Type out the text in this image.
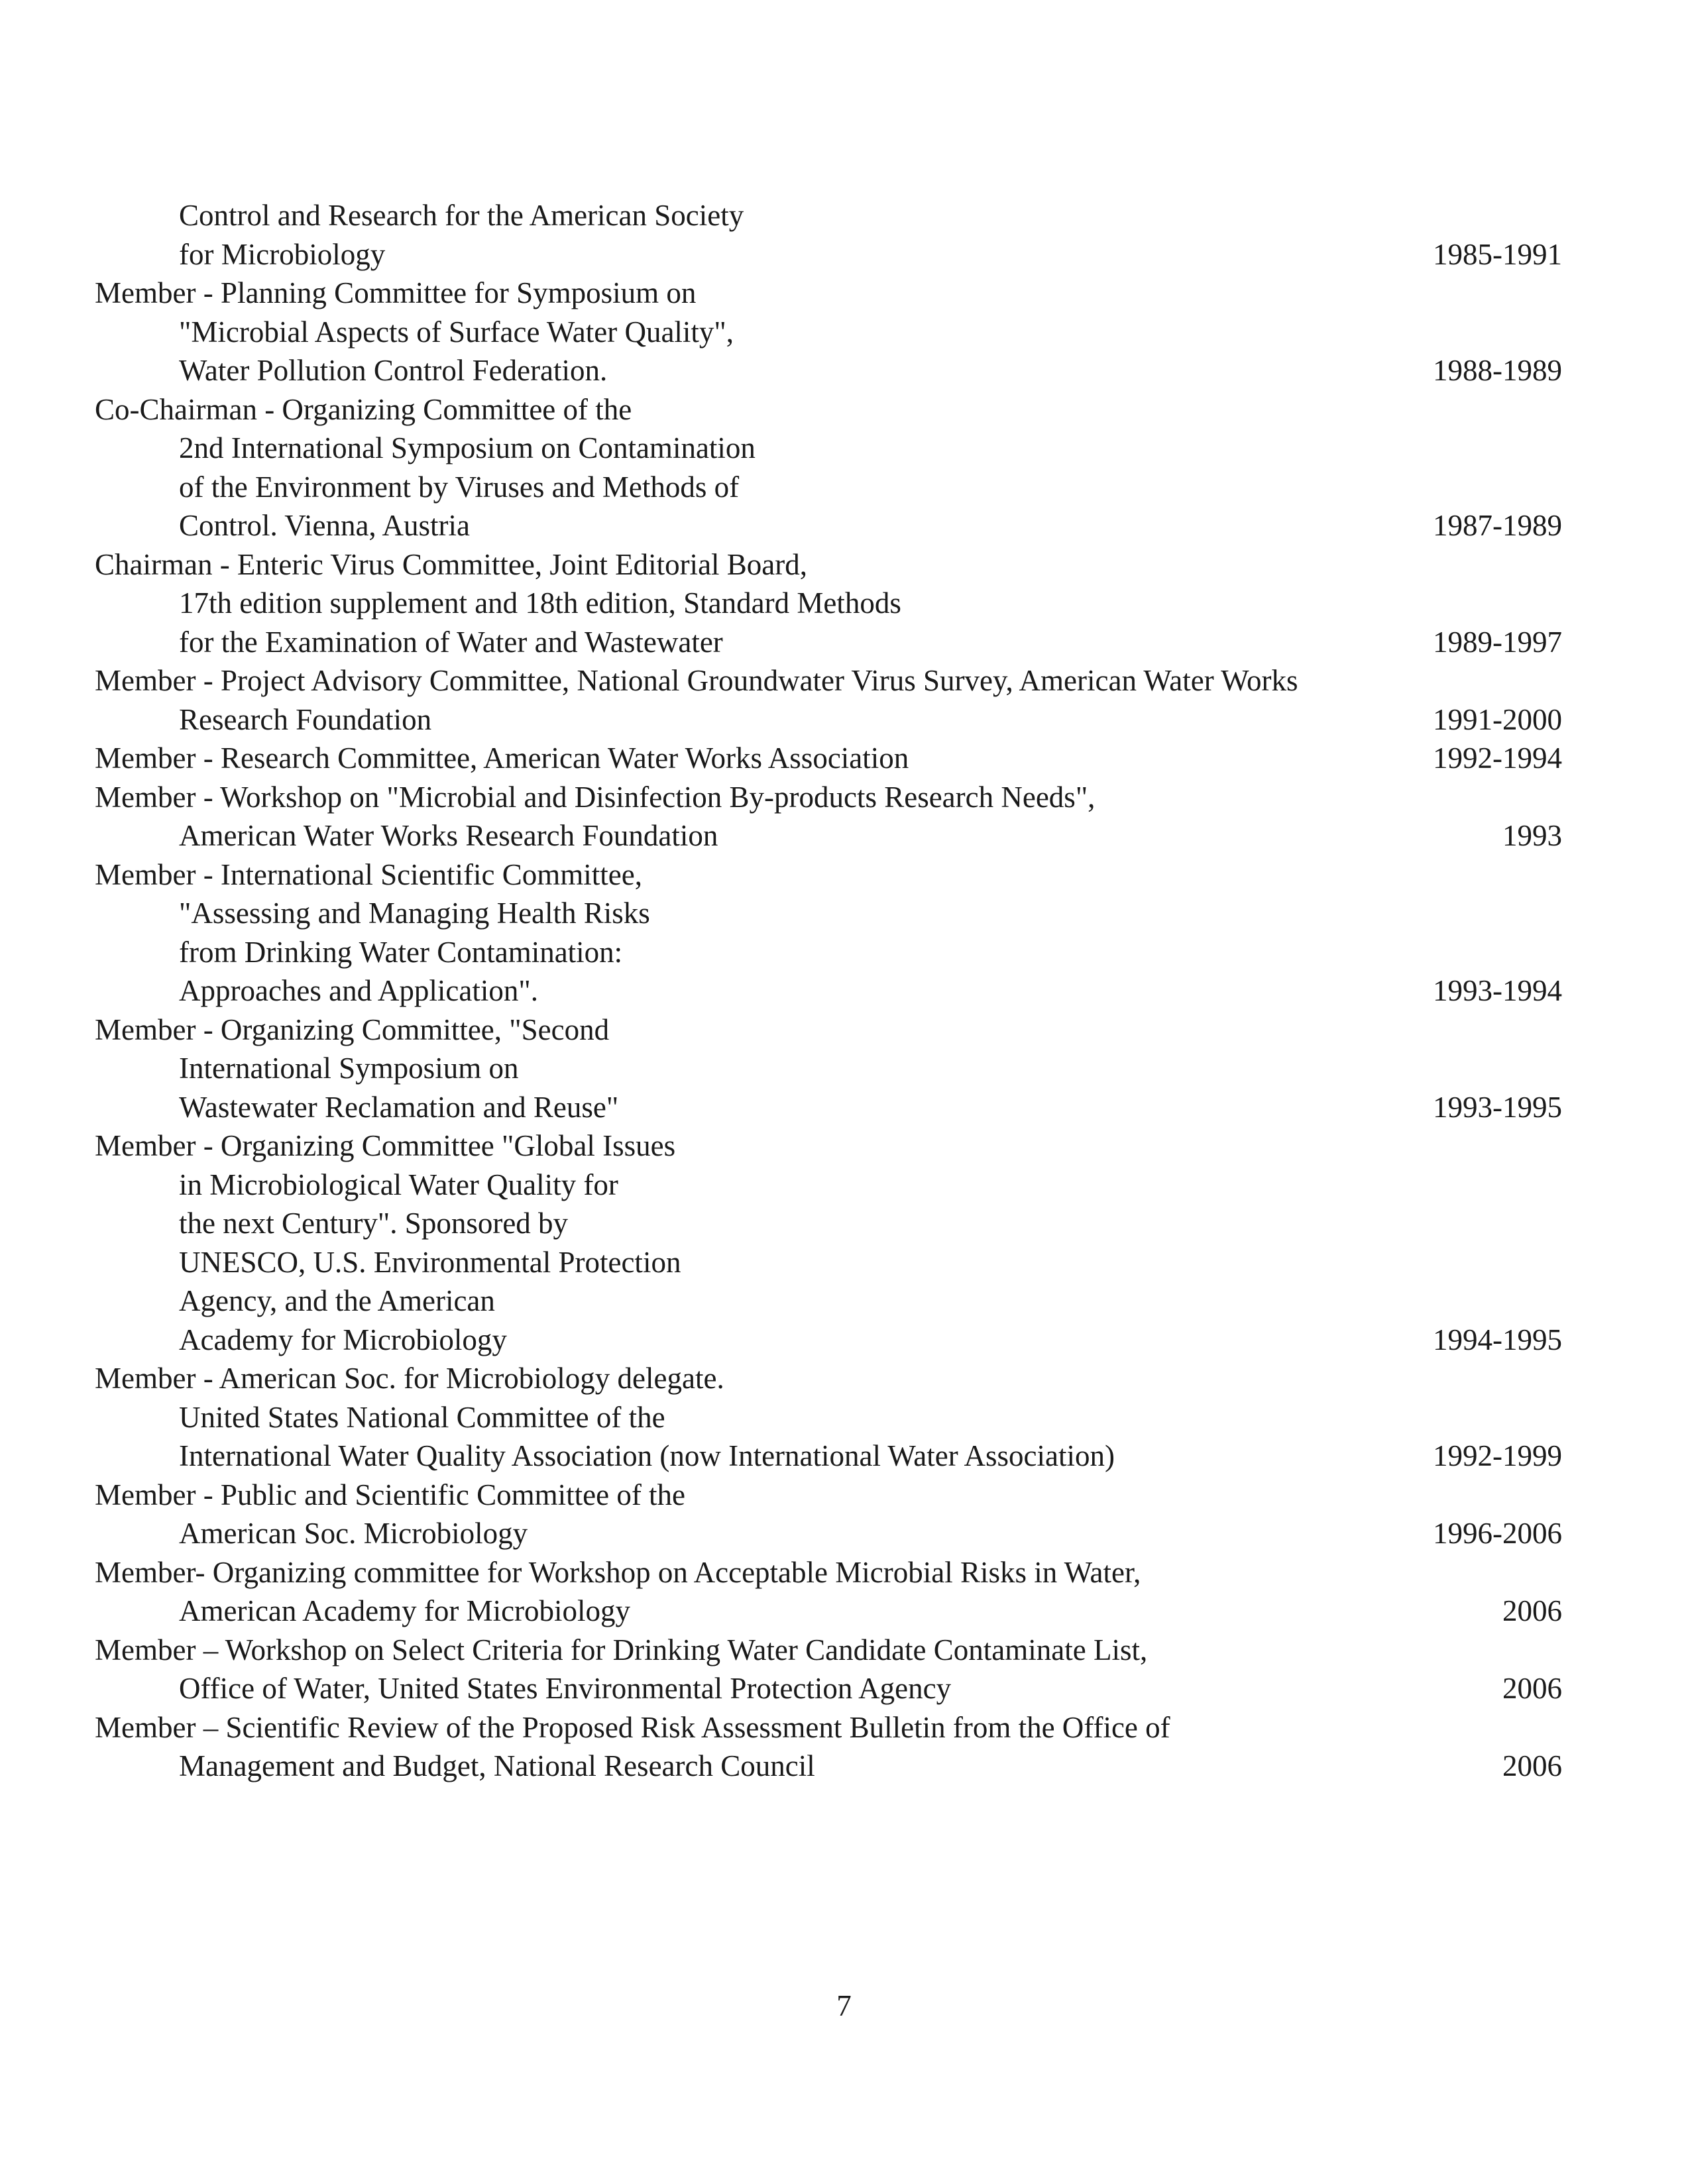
Control and Research for the American Society
for Microbiology	1985-1991
Member - Planning Committee for Symposium on
"Microbial Aspects of Surface Water Quality",
Water Pollution Control Federation.	1988-1989
Co-Chairman - Organizing Committee of the
2nd International Symposium on Contamination
of the Environment by Viruses and Methods of
Control. Vienna, Austria	1987-1989
Chairman - Enteric Virus Committee, Joint Editorial Board,
17th edition supplement and 18th edition, Standard Methods
for the Examination of Water and Wastewater	1989-1997
Member - Project Advisory Committee, National Groundwater Virus Survey, American Water Works
Research Foundation	1991-2000
Member - Research Committee, American Water Works Association	1992-1994
Member - Workshop on "Microbial and Disinfection By-products Research Needs",
American Water Works Research Foundation	1993
Member - International Scientific Committee,
"Assessing and Managing Health Risks
from Drinking Water Contamination:
Approaches and Application".	1993-1994
Member - Organizing Committee, "Second
International Symposium on
Wastewater Reclamation and Reuse"	1993-1995
Member - Organizing Committee "Global Issues
in Microbiological Water Quality for
the next Century". Sponsored by
UNESCO, U.S. Environmental Protection
Agency, and the American
Academy for Microbiology	1994-1995
Member - American Soc. for Microbiology delegate.
United States National Committee of the
International Water Quality Association (now International Water Association)	1992-1999
Member - Public and Scientific Committee of the
American Soc. Microbiology	1996-2006
Member- Organizing committee for Workshop on Acceptable Microbial Risks in Water,
American Academy for Microbiology	2006
Member – Workshop on Select Criteria for Drinking Water Candidate Contaminate List,
Office of Water, United States Environmental Protection Agency	2006
Member – Scientific Review of the Proposed Risk Assessment Bulletin from the Office of
Management and Budget, National Research Council	2006
7
